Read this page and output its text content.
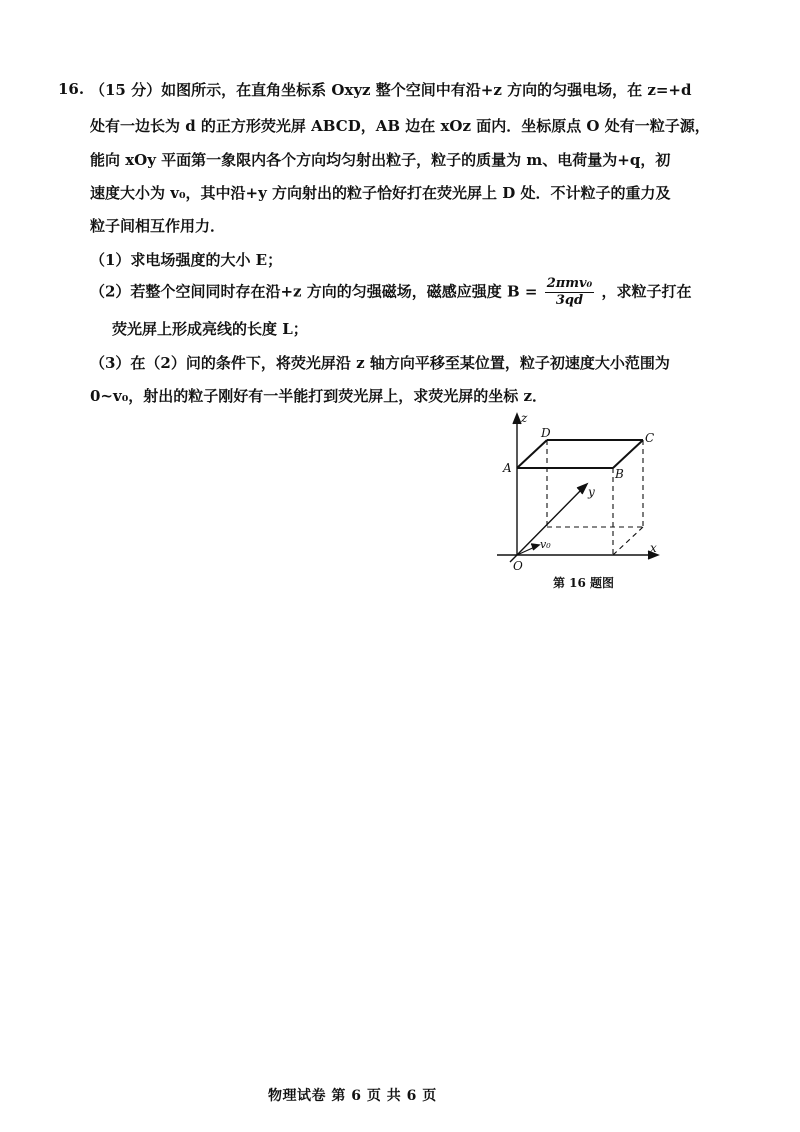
16. （15 分）如图所示，在直角坐标系 Oxyz 整个空间中有沿+z 方向的匀强电场，在 z=+d
处有一边长为 d 的正方形荧光屏 ABCD，AB 边在 xOz 面内．坐标原点 O 处有一粒子源，
能向 xOy 平面第一象限内各个方向均匀射出粒子，粒子的质量为 m、电荷量为+q，初
速度大小为 v₀，其中沿+y 方向射出的粒子恰好打在荧光屏上 D 处．不计粒子的重力及
粒子间相互作用力．
（1）求电场强度的大小 E；
（2）若整个空间同时存在沿+z 方向的匀强磁场，磁感应强度 $B = \frac{\text{2πmv₀}}{3qd}$ ，求粒子打在
荧光屏上形成亮线的长度 L；
（3）在（2）问的条件下，将荧光屏沿 z 轴方向平移至某位置，粒子初速度大小范围为
0~v₀，射出的粒子刚好有一半能打到荧光屏上，求荧光屏的坐标 z．
z
y
x
O
A	B
C
D
v₀
第 16 题图
物理试卷 第 6 页 共 6 页
